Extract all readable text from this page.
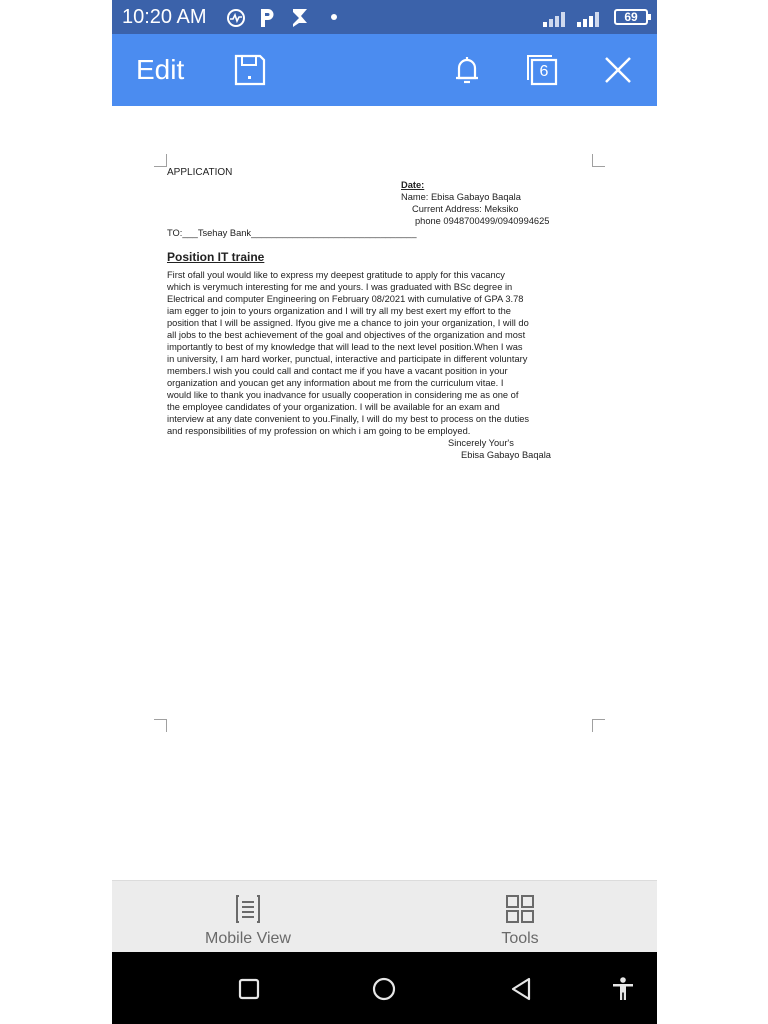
10:20 AM	69
Edit	6
APPLICATION
Date:
Name: Ebisa Gabayo Baqala
Current Address: Meksiko
phone 0948700499/0940994625
TO:___Tsehay Bank________________________________
Position IT traine

First ofall youl would like to express my deepest gratitude to apply for this vacancy

which is verymuch interesting for me and yours. I was graduated with BSc degree in

Electrical and computer Engineering on February 08/2021 with cumulative of GPA 3.78

iam egger to join to yours organization and I will try all my best exert my effort to the

position that I will be assigned. Ifyou give me a chance to join your organization, I will do

all jobs to the best achievement of the goal and objectives of the organization and most

importantly to best of my knowledge that will lead to the next level position.When I was

in university, I am hard worker, punctual, interactive and participate in different voluntary

members.I wish you could call and contact me if you have a vacant position in your

organization and youcan get any information about me from the curriculum vitae. I

would like to thank you inadvance for usually cooperation in considering me as one of

the employee candidates of your organization. I will be available for an exam and

interview at any date convenient to you.Finally, I will do my best to process on the duties

and responsibilities of my profession on which i am going to be employed.

Sincerely Your's

Ebisa Gabayo Baqala

Mobile View	Tools
